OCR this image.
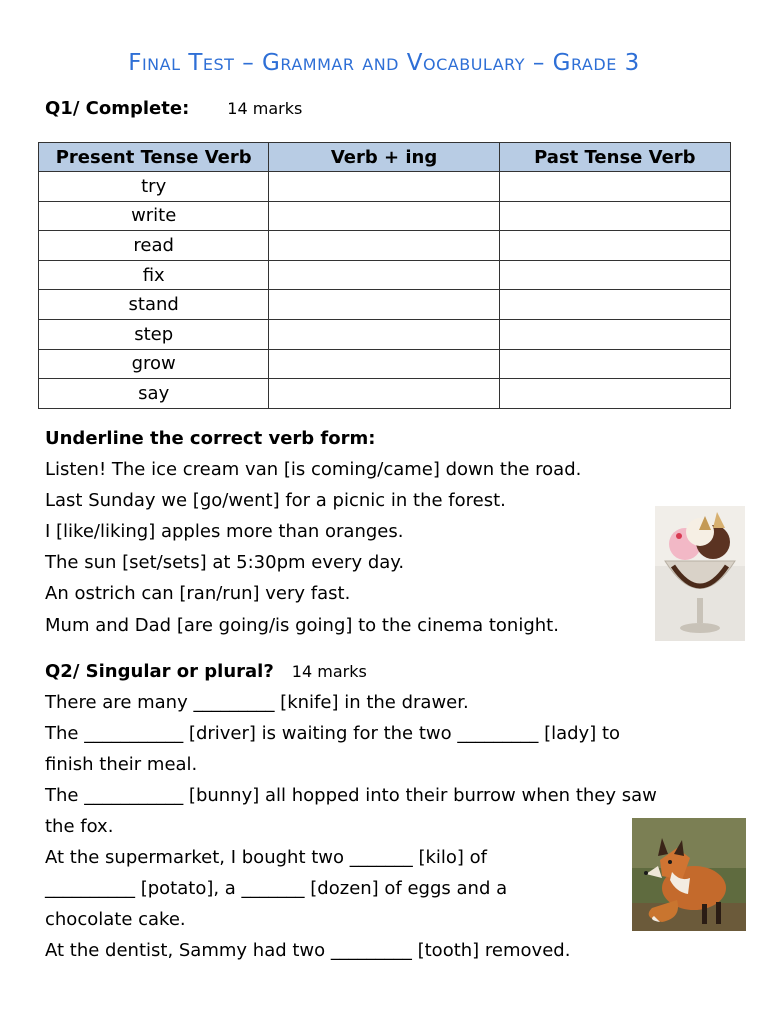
Final Test – Grammar and Vocabulary – Grade 3
Q1/ Complete: 14 marks
Present Tense Verb	Verb + ing	Past Tense Verb
try		
write		
read		
fix		
stand		
step		
grow		
say		
Underline the correct verb form:
Listen! The ice cream van [is coming/came] down the road.
Last Sunday we [go/went] for a picnic in the forest.
I [like/liking] apples more than oranges.
The sun [set/sets] at 5:30pm every day.
An ostrich can [ran/run] very fast.
Mum and Dad [are going/is going] to the cinema tonight.
Q2/ Singular or plural? 14 marks
There are many _________ [knife] in the drawer.
The ___________ [driver] is waiting for the two _________ [lady] to
finish their meal.
The ___________ [bunny] all hopped into their burrow when they saw
the fox.
At the supermarket, I bought two _______ [kilo] of
__________ [potato], a _______ [dozen] of eggs and a
chocolate cake.
At the dentist, Sammy had two _________ [tooth] removed.
